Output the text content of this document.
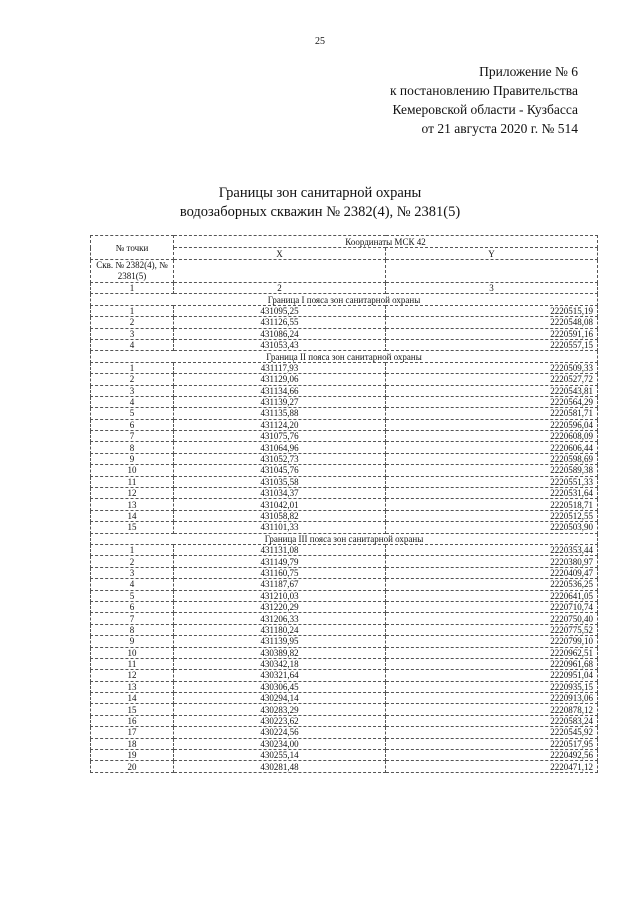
25
Приложение № 6
к постановлению Правительства
Кемеровской области - Кузбасса
от 21 августа 2020 г. № 514
Границы зон санитарной охраны
водозаборных скважин № 2382(4), № 2381(5)
№ точки	Координаты МСК 42	
	X	Y
Скв. № 2382(4), № 2381(5)		
1	2	3
Граница I пояса зон санитарной охраны		
1	431095,25	2220515,19
2	431126,55	2220548,08
3	431086,24	2220591,16
4	431053,43	2220557,15
Граница II пояса зон санитарной охраны		
1	431117,93	2220509,33
2	431129,06	2220527,72
3	431134,66	2220543,81
4	431139,27	2220564,29
5	431135,88	2220581,71
6	431124,20	2220596,04
7	431075,76	2220608,09
8	431064,96	2220606,44
9	431052,73	2220598,69
10	431045,76	2220589,38
11	431035,58	2220551,33
12	431034,37	2220531,64
13	431042,01	2220518,71
14	431058,82	2220512,55
15	431101,33	2220503,90
Граница III пояса зон санитарной охраны		
1	431131,08	2220353,44
2	431149,79	2220380,97
3	431160,75	2220409,47
4	431187,67	2220536,25
5	431210,03	2220641,05
6	431220,29	2220710,74
7	431206,33	2220750,40
8	431180,24	2220775,52
9	431139,95	2220799,10
10	430389,82	2220962,51
11	430342,18	2220961,68
12	430321,64	2220951,04
13	430306,45	2220935,15
14	430294,14	2220913,06
15	430283,29	2220878,12
16	430223,62	2220583,24
17	430224,56	2220545,92
18	430234,00	2220517,95
19	430255,14	2220492,56
20	430281,48	2220471,12
